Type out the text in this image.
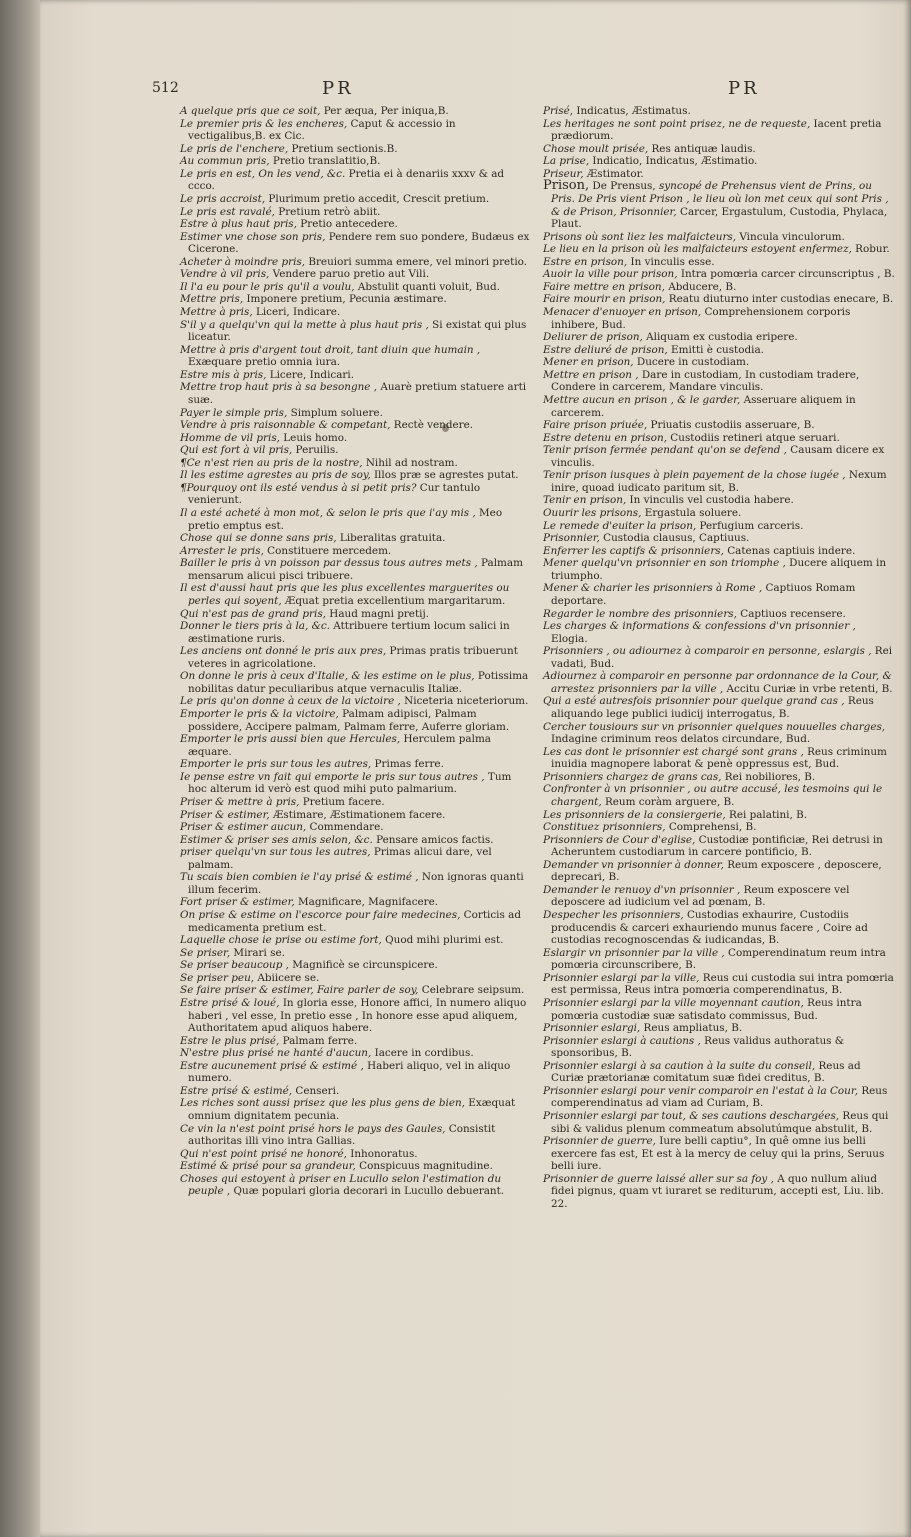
512	PR	PR

A quelque pris que ce soit, Per æqua, Per iniqua,B.

Le premier pris & les encheres, Caput & accessio in vectigalibus,B. ex Cic.

Le pris de l'enchere, Pretium sectionis.B.

Au commun pris, Pretio translatitio,B.

Le pris en est, On les vend, &c. Pretia ei à denariis xxxv & ad ccco.

Le pris accroist, Plurimum pretio accedit, Crescit pretium.

Le pris est ravalé, Pretium retrò abiit.

Estre à plus haut pris, Pretio antecedere.

Estimer vne chose son pris, Pendere rem suo pondere, Budæus ex Cicerone.

Acheter à moindre pris, Breuiori summa emere, vel minori pretio.

Vendre à vil pris, Vendere paruo pretio aut Vili.

Il l'a eu pour le pris qu'il a voulu, Abstulit quanti voluit, Bud.

Mettre pris, Imponere pretium, Pecunia æstimare.

Mettre à pris, Liceri, Indicare.

S'il y a quelqu'vn qui la mette à plus haut pris , Si existat qui plus liceatur.

Mettre à pris d'argent tout droit, tant diuin que humain , Exæquare pretio omnia iura.

Estre mis à pris, Licere, Indicari.

Mettre trop haut pris à sa besongne , Auarè pretium statuere arti suæ.

Payer le simple pris, Simplum soluere.

Vendre à pris raisonnable & competant, Rectè vendere.

Homme de vil pris, Leuis homo.

Qui est fort à vil pris, Peruilis.

¶Ce n'est rien au pris de la nostre, Nihil ad nostram.

Il les estime agrestes au pris de soy, Illos præ se agrestes putat.

¶Pourquoy ont ils esté vendus à si petit pris? Cur tantulo venierunt.

Il a esté acheté à mon mot, & selon le pris que i'ay mis , Meo pretio emptus est.

Chose qui se donne sans pris, Liberalitas gratuita.

Arrester le pris, Constituere mercedem.

Bailler le pris à vn poisson par dessus tous autres mets , Palmam mensarum alicui pisci tribuere.

Il est d'aussi haut pris que les plus excellentes marguerites ou perles qui soyent, Æquat pretia excellentium margaritarum.

Qui n'est pas de grand pris, Haud magni pretij.

Donner le tiers pris à la, &c. Attribuere tertium locum salici in æstimatione ruris.

Les anciens ont donné le pris aux pres, Primas pratis tribuerunt veteres in agricolatione.

On donne le pris à ceux d'Italie, & les estime on le plus, Potissima nobilitas datur peculiaribus atque vernaculis Italiæ.

Le pris qu'on donne à ceux de la victoire , Niceteria niceteriorum.

Emporter le pris & la victoire, Palmam adipisci, Palmam possidere, Accipere palmam, Palmam ferre, Auferre gloriam.

Emporter le pris aussi bien que Hercules, Herculem palma æquare.

Emporter le pris sur tous les autres, Primas ferre.

Ie pense estre vn fait qui emporte le pris sur tous autres , Tum hoc alterum id verò est quod mihi puto palmarium.

Priser & mettre à pris, Pretium facere.

Priser & estimer, Æstimare, Æstimationem facere.

Priser & estimer aucun, Commendare.

Estimer & priser ses amis selon, &c. Pensare amicos factis.

priser quelqu'vn sur tous les autres, Primas alicui dare, vel palmam.

Tu scais bien combien ie l'ay prisé & estimé , Non ignoras quanti illum fecerim.

Fort priser & estimer, Magnificare, Magnifacere.

On prise & estime on l'escorce pour faire medecines, Corticis ad medicamenta pretium est.

Laquelle chose ie prise ou estime fort, Quod mihi plurimi est.

Se priser, Mirari se.

Se priser beaucoup , Magnificè se circunspicere.

Se priser peu, Abiicere se.

Se faire priser & estimer, Faire parler de soy, Celebrare seipsum.

Estre prisé & loué, In gloria esse, Honore affici, In numero aliquo haberi , vel esse, In pretio esse , In honore esse apud aliquem, Authoritatem apud aliquos habere.

Estre le plus prisé, Palmam ferre.

N'estre plus prisé ne hanté d'aucun, Iacere in cordibus.

Estre aucunement prisé & estimé , Haberi aliquo, vel in aliquo numero.

Estre prisé & estimé, Censeri.

Les riches sont aussi prisez que les plus gens de bien, Exæquat omnium dignitatem pecunia.

Ce vin la n'est point prisé hors le pays des Gaules, Consistit authoritas illi vino intra Gallias.

Qui n'est point prisé ne honoré, Inhonoratus.

Estimé & prisé pour sa grandeur, Conspicuus magnitudine.

Choses qui estoyent à priser en Lucullo selon l'estimation du peuple , Quæ populari gloria decorari in Lucullo debuerant.

Prisé, Indicatus, Æstimatus.

Les heritages ne sont point prisez, ne de requeste, Iacent pretia prædiorum.

Chose moult prisée, Res antiquæ laudis.

La prise, Indicatio, Indicatus, Æstimatio.

Priseur, Æstimator.

Prison, De Prensus, syncopé de Prehensus vient de Prins, ou Pris. De Pris vient Prison , le lieu où lon met ceux qui sont Pris , & de Prison, Prisonnier, Carcer, Ergastulum, Custodia, Phylaca, Plaut.

Prisons où sont liez les malfaicteurs, Vincula vinculorum.

Le lieu en la prison où les malfaicteurs estoyent enfermez, Robur.

Estre en prison, In vinculis esse.

Auoir la ville pour prison, Intra pomœria carcer circunscriptus , B.

Faire mettre en prison, Abducere, B.

Faire mourir en prison, Reatu diuturno inter custodias enecare, B.

Menacer d'enuoyer en prison, Comprehensionem corporis inhibere, Bud.

Deliurer de prison, Aliquam ex custodia eripere.

Estre deliuré de prison, Emitti è custodia.

Mener en prison, Ducere in custodiam.

Mettre en prison , Dare in custodiam, In custodiam tradere, Condere in carcerem, Mandare vinculis.

Mettre aucun en prison , & le garder, Asseruare aliquem in carcerem.

Faire prison priuée, Priuatis custodiis asseruare, B.

Estre detenu en prison, Custodiis retineri atque seruari.

Tenir prison fermée pendant qu'on se defend , Causam dicere ex vinculis.

Tenir prison iusques à plein payement de la chose iugée , Nexum inire, quoad iudicato paritum sit, B.

Tenir en prison, In vinculis vel custodia habere.

Ouurir les prisons, Ergastula soluere.

Le remede d'euiter la prison, Perfugium carceris.

Prisonnier, Custodia clausus, Captiuus.

Enferrer les captifs & prisonniers, Catenas captiuis indere.

Mener quelqu'vn prisonnier en son triomphe , Ducere aliquem in triumpho.

Mener & charier les prisonniers à Rome , Captiuos Romam deportare.

Regarder le nombre des prisonniers, Captiuos recensere.

Les charges & informations & confessions d'vn prisonnier , Elogia.

Prisonniers , ou adiournez à comparoir en personne, eslargis , Rei vadati, Bud.

Adiournez à comparoir en personne par ordonnance de la Cour, & arrestez prisonniers par la ville , Accitu Curiæ in vrbe retenti, B.

Qui a esté autresfois prisonnier pour quelque grand cas , Reus aliquando lege publici iudicij interrogatus, B.

Cercher tousiours sur vn prisonnier quelques nouuelles charges, Indagine criminum reos delatos circundare, Bud.

Les cas dont le prisonnier est chargé sont grans , Reus criminum inuidia magnopere laborat & penè oppressus est, Bud.

Prisonniers chargez de grans cas, Rei nobiliores, B.

Confronter à vn prisonnier , ou autre accusé, les tesmoins qui le chargent, Reum coràm arguere, B.

Les prisonniers de la consiergerie, Rei palatini, B.

Constituez prisonniers, Comprehensi, B.

Prisonniers de Cour d'eglise, Custodiæ pontificiæ, Rei detrusi in Acheruntem custodiarum in carcere pontificio, B.

Demander vn prisonnier à donner, Reum exposcere , deposcere, deprecari, B.

Demander le renuoy d'vn prisonnier , Reum exposcere vel deposcere ad iudicium vel ad pœnam, B.

Despecher les prisonniers, Custodias exhaurire, Custodiis producendis & carceri exhauriendo munus facere , Coire ad custodias recognoscendas & iudicandas, B.

Eslargir vn prisonnier par la ville , Comperendinatum reum intra pomœria circunscribere, B.

Prisonnier eslargi par la ville, Reus cui custodia sui intra pomœria est permissa, Reus intra pomœria comperendinatus, B.

Prisonnier eslargi par la ville moyennant caution, Reus intra pomœria custodiæ suæ satisdato commissus, Bud.

Prisonnier eslargi, Reus ampliatus, B.

Prisonnier eslargi à cautions , Reus validus authoratus & sponsoribus, B.

Prisonnier eslargi à sa caution à la suite du conseil, Reus ad Curiæ prætorianæ comitatum suæ fidei creditus, B.

Prisonnier eslargi pour venir comparoir en l'estat à la Cour, Reus comperendinatus ad viam ad Curiam, B.

Prisonnier eslargi par tout, & ses cautions deschargées, Reus qui sibi & validus plenum commeatum absolutúmque abstulit, B.

Prisonnier de guerre, Iure belli captiu°, In quê omne ius belli exercere fas est, Et est à la mercy de celuy qui la prins, Seruus belli iure.

Prisonnier de guerre laissé aller sur sa foy , A quo nullum aliud fidei pignus, quam vt iuraret se rediturum, accepti est, Liu. lib. 22.
